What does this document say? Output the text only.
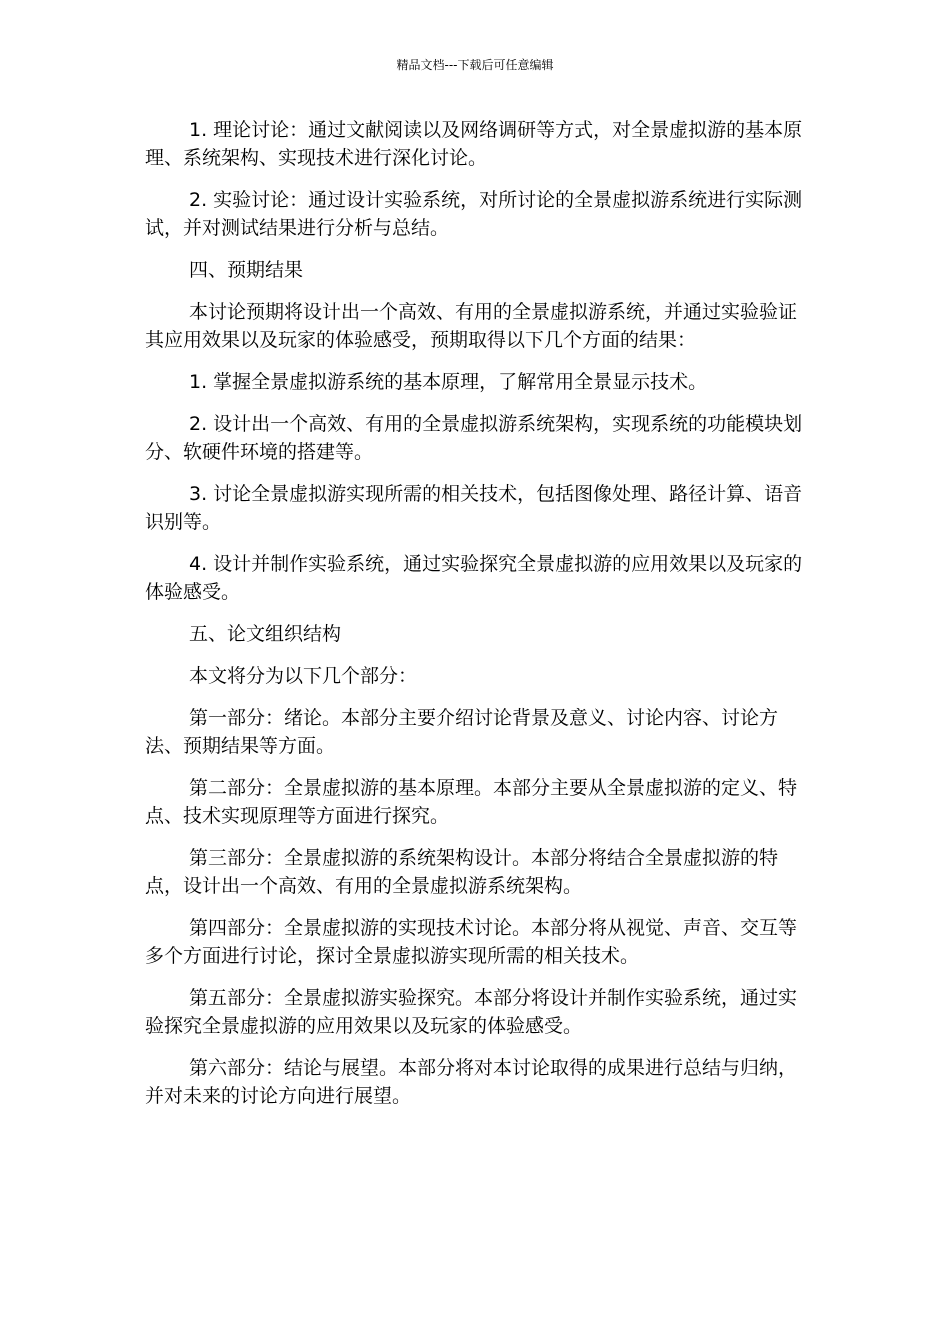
精品文档---下载后可任意编辑

1. 理论讨论：通过文献阅读以及网络调研等方式，对全景虚拟游的基本原理、系统架构、实现技术进行深化讨论。

2. 实验讨论：通过设计实验系统，对所讨论的全景虚拟游系统进行实际测试，并对测试结果进行分析与总结。

四、预期结果

本讨论预期将设计出一个高效、有用的全景虚拟游系统，并通过实验验证其应用效果以及玩家的体验感受，预期取得以下几个方面的结果：

1. 掌握全景虚拟游系统的基本原理，了解常用全景显示技术。

2. 设计出一个高效、有用的全景虚拟游系统架构，实现系统的功能模块划分、软硬件环境的搭建等。

3. 讨论全景虚拟游实现所需的相关技术，包括图像处理、路径计算、语音识别等。

4. 设计并制作实验系统，通过实验探究全景虚拟游的应用效果以及玩家的体验感受。

五、论文组织结构

本文将分为以下几个部分：

第一部分：绪论。本部分主要介绍讨论背景及意义、讨论内容、讨论方法、预期结果等方面。

第二部分：全景虚拟游的基本原理。本部分主要从全景虚拟游的定义、特点、技术实现原理等方面进行探究。

第三部分：全景虚拟游的系统架构设计。本部分将结合全景虚拟游的特点，设计出一个高效、有用的全景虚拟游系统架构。

第四部分：全景虚拟游的实现技术讨论。本部分将从视觉、声音、交互等多个方面进行讨论，探讨全景虚拟游实现所需的相关技术。

第五部分：全景虚拟游实验探究。本部分将设计并制作实验系统，通过实验探究全景虚拟游的应用效果以及玩家的体验感受。

第六部分：结论与展望。本部分将对本讨论取得的成果进行总结与归纳，并对未来的讨论方向进行展望。
